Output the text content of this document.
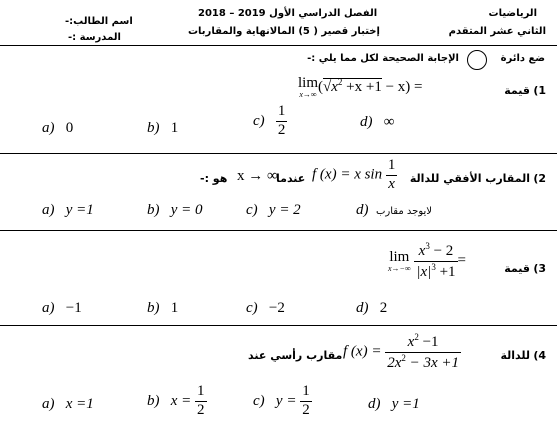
الرياضيات
الثاني عشر المتقدم
الفصل الدراسي الأول 2019 – 2018
إختبار قصير ( 5) المالانهاية والمقاربات
اسم الطالب:-
المدرسة :-
ضع دائرة
الإجابة الصحيحة لكل مما يلي :-
1)
قيمة
lim
x→∞ $(√x^2 +x +1 - x)$ =
a) 0	b) 1	$c) \frac{1}{2}$	d) ∞
2)
المقارب الأفقي للدالة
f (x) = x $\sin \frac{1}{x}$
عندما
x → ∞
هو :-
a) y =1	b) y = 0	c) y = 2	d) لايوجد مقارب
3)
قيمة
lim
x→−∞
$\frac{x^3 - 2}{|x|^3 +1}$ =
a) −1	b) 1	c) −2	d) 2
4)
للدالة
f $(x) = \frac{x^2 -1}{2x^2 - 3x +1}$
مقارب رأسي عند
a) x =1	b) $x = \frac{1}{2}$	c) $y = \frac{1}{2}$	d) y =1
